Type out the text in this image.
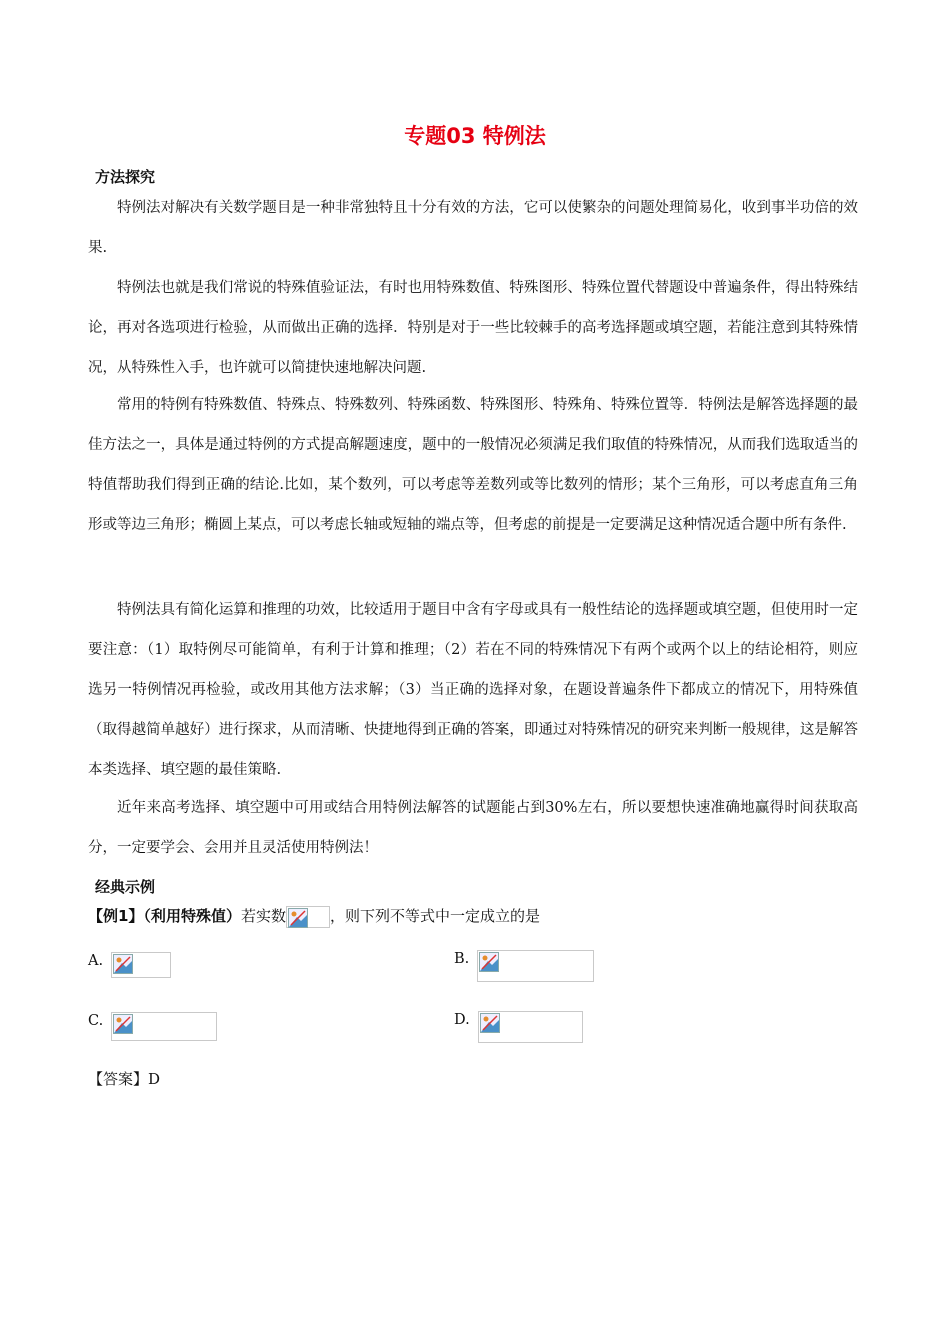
专题03 特例法
方法探究

特例法对解决有关数学题目是一种非常独特且十分有效的方法，它可以使繁杂的问题处理简易化，收到事半功倍的效果.

特例法也就是我们常说的特殊值验证法，有时也用特殊数值、特殊图形、特殊位置代替题设中普遍条件，得出特殊结论，再对各选项进行检验，从而做出正确的选择．特别是对于一些比较棘手的高考选择题或填空题，若能注意到其特殊情况，从特殊性入手，也许就可以简捷快速地解决问题.

常用的特例有特殊数值、特殊点、特殊数列、特殊函数、特殊图形、特殊角、特殊位置等．特例法是解答选择题的最佳方法之一，具体是通过特例的方式提高解题速度，题中的一般情况必须满足我们取值的特殊情况，从而我们选取适当的特值帮助我们得到正确的结论.比如，某个数列，可以考虑等差数列或等比数列的情形；某个三角形，可以考虑直角三角形或等边三角形；椭圆上某点，可以考虑长轴或短轴的端点等，但考虑的前提是一定要满足这种情况适合题中所有条件.

特例法具有简化运算和推理的功效，比较适用于题目中含有字母或具有一般性结论的选择题或填空题，但使用时一定要注意：（1）取特例尽可能简单，有利于计算和推理；（2）若在不同的特殊情况下有两个或两个以上的结论相符，则应选另一特例情况再检验，或改用其他方法求解；（3）当正确的选择对象，在题设普遍条件下都成立的情况下，用特殊值（取得越简单越好）进行探求，从而清晰、快捷地得到正确的答案，即通过对特殊情况的研究来判断一般规律，这是解答本类选择、填空题的最佳策略.

近年来高考选择、填空题中可用或结合用特例法解答的试题能占到30%左右，所以要想快速准确地赢得时间获取高分，一定要学会、会用并且灵活使用特例法！

经典示例
【例1】（利用特殊值）若实数	，则下列不等式中一定成立的是
A.	B.
C.	D.
【答案】D
